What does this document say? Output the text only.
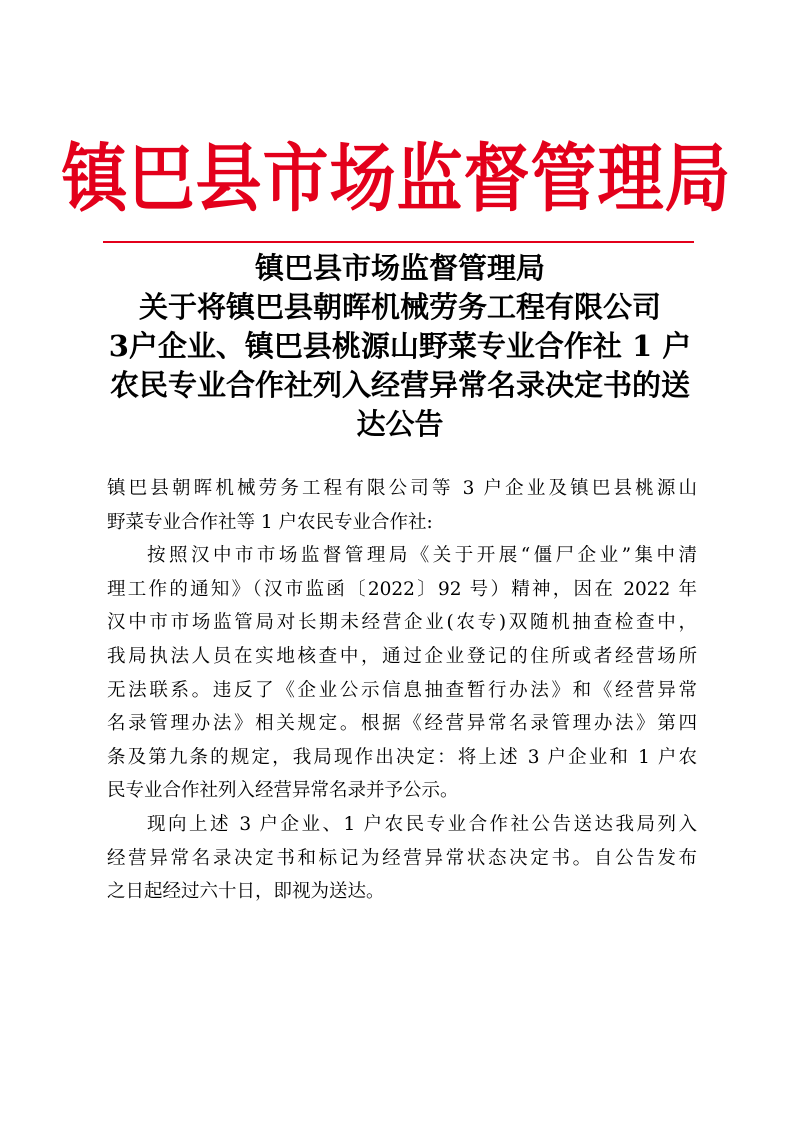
镇巴县市场监督管理局
镇巴县市场监督管理局
关于将镇巴县朝晖机械劳务工程有限公司
3户企业、镇巴县桃源山野菜专业合作社 1 户
农民专业合作社列入经营异常名录决定书的送
达公告
镇巴县朝晖机械劳务工程有限公司等 3 户企业及镇巴县桃源山
野菜专业合作社等 1 户农民专业合作社:
按照汉中市市场监督管理局《关于开展“僵尸企业”集中清
理工作的通知》（汉市监函〔2022〕92 号）精神，因在 2022 年
汉中市市场监管局对长期未经营企业(农专)双随机抽查检查中，
我局执法人员在实地核查中，通过企业登记的住所或者经营场所
无法联系。违反了《企业公示信息抽查暂行办法》和《经营异常
名录管理办法》相关规定。根据《经营异常名录管理办法》第四
条及第九条的规定，我局现作出决定：将上述 3 户企业和 1 户农
民专业合作社列入经营异常名录并予公示。
现向上述 3 户企业、1 户农民专业合作社公告送达我局列入
经营异常名录决定书和标记为经营异常状态决定书。自公告发布
之日起经过六十日，即视为送达。
